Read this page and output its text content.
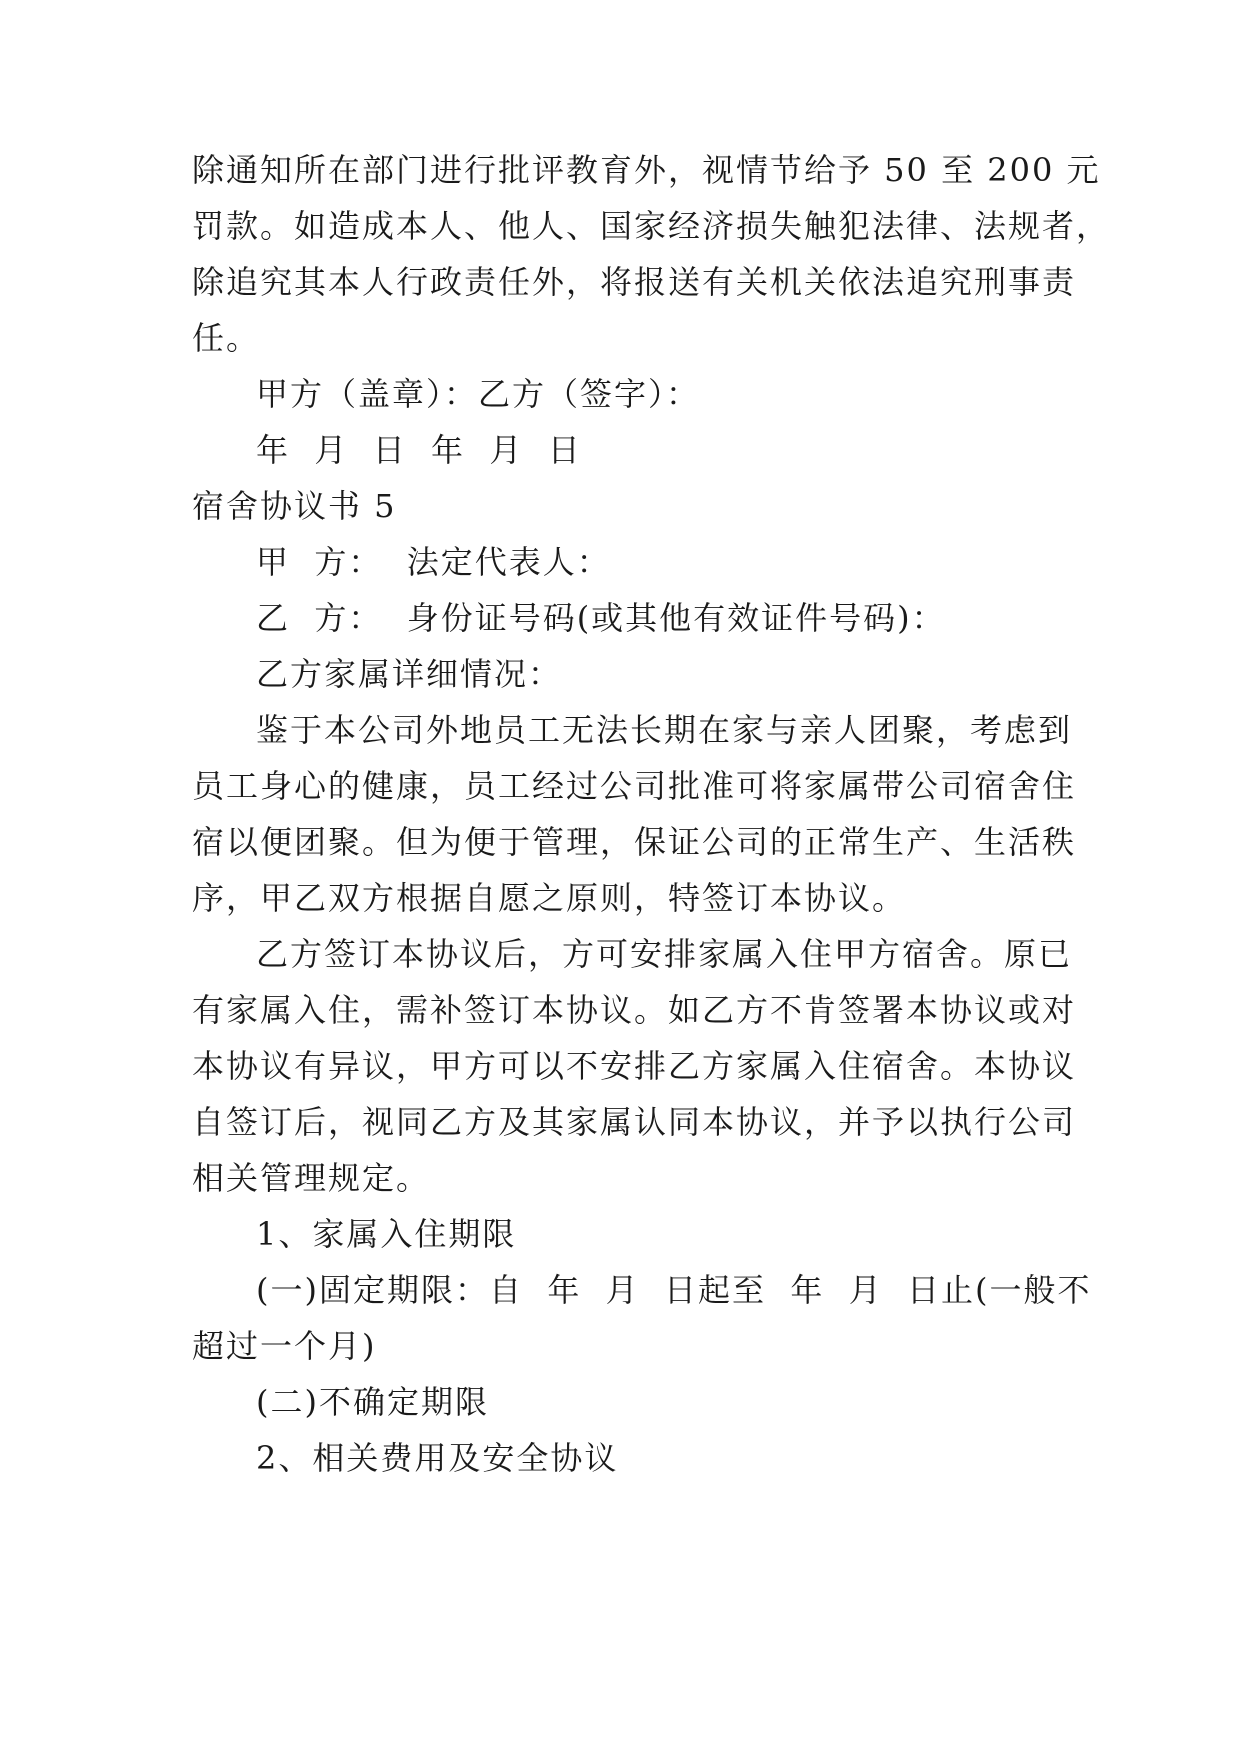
除通知所在部门进行批评教育外，视情节给予 50 至 200 元
罚款。如造成本人、他人、国家经济损失触犯法律、法规者，
除追究其本人行政责任外，将报送有关机关依法追究刑事责
任。
甲方（盖章）：乙方（签字）：
年  月  日  年  月  日
宿舍协议书 5
甲  方：  法定代表人：
乙  方：  身份证号码(或其他有效证件号码)：
乙方家属详细情况：
鉴于本公司外地员工无法长期在家与亲人团聚，考虑到
员工身心的健康，员工经过公司批准可将家属带公司宿舍住
宿以便团聚。但为便于管理，保证公司的正常生产、生活秩
序，甲乙双方根据自愿之原则，特签订本协议。
乙方签订本协议后，方可安排家属入住甲方宿舍。原已
有家属入住，需补签订本协议。如乙方不肯签署本协议或对
本协议有异议，甲方可以不安排乙方家属入住宿舍。本协议
自签订后，视同乙方及其家属认同本协议，并予以执行公司
相关管理规定。
1、家属入住期限
(一)固定期限：自  年  月  日起至  年  月  日止(一般不
超过一个月)
(二)不确定期限
2、相关费用及安全协议
